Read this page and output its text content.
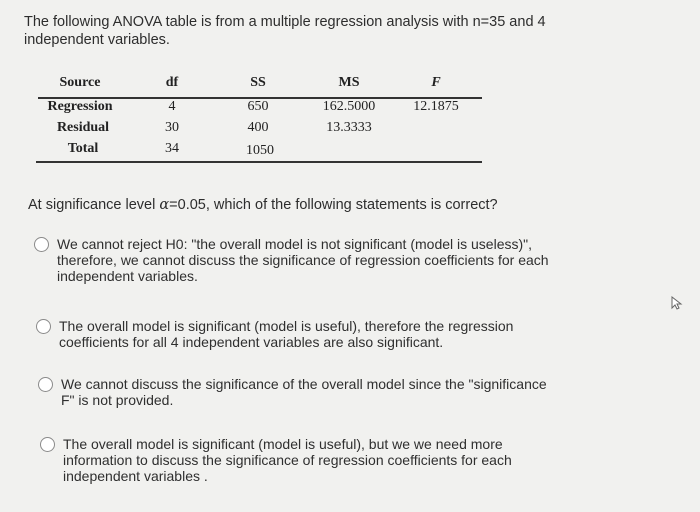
The following ANOVA table is from a multiple regression analysis with n=35 and 4
independent variables.
Source	df	SS	MS	F
Regression	4	650	162.5000	12.1875
Residual	30	400	13.3333
Total	34	1050
At significance level α=0.05, which of the following statements is correct?
We cannot reject H0: "the overall model is not significant (model is useless)",
therefore, we cannot discuss the significance of regression coefficients for each
independent variables.
The overall model is significant (model is useful), therefore the regression
coefficients for all 4 independent variables are also significant.
We cannot discuss the significance of the overall model since the "significance
F" is not provided.
The overall model is significant (model is useful), but we we need more
information to discuss the significance of regression coefficients for each
independent variables .
